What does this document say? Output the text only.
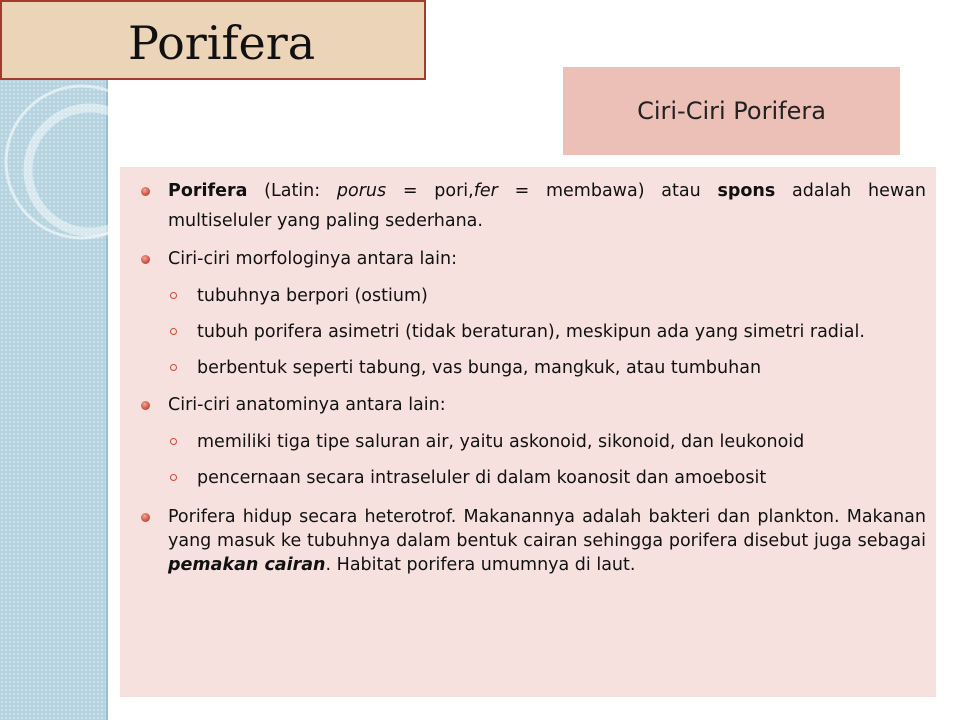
Porifera
Ciri-Ciri Porifera
Porifera (Latin: porus = pori,fer = membawa) atau spons adalah hewan
multiseluler yang paling sederhana.
Ciri-ciri morfologinya antara lain:
tubuhnya berpori (ostium)
tubuh porifera asimetri (tidak beraturan), meskipun ada yang simetri radial.
berbentuk seperti tabung, vas bunga, mangkuk, atau tumbuhan
Ciri-ciri anatominya antara lain:
memiliki tiga tipe saluran air, yaitu askonoid, sikonoid, dan leukonoid
pencernaan secara intraseluler di dalam koanosit dan amoebosit
Porifera hidup secara heterotrof. Makanannya adalah bakteri dan plankton. Makanan yang masuk ke tubuhnya dalam bentuk cairan sehingga porifera disebut juga sebagai pemakan cairan. Habitat porifera umumnya di laut.
